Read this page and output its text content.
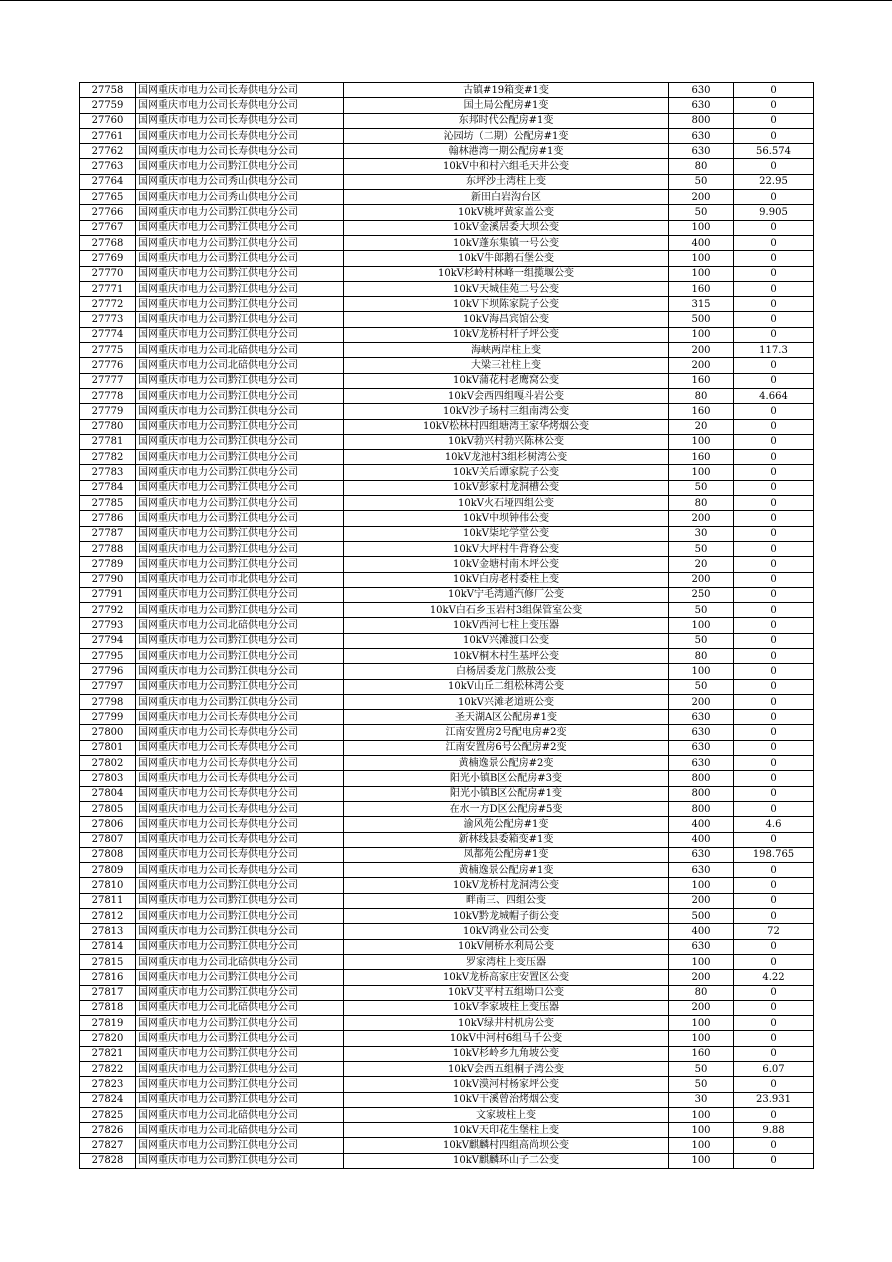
27758	国网重庆市电力公司长寿供电分公司	古镇#19箱变#1变	630	0
27759	国网重庆市电力公司长寿供电分公司	国土局公配房#1变	630	0
27760	国网重庆市电力公司长寿供电分公司	东邦时代公配房#1变	800	0
27761	国网重庆市电力公司长寿供电分公司	沁园坊（二期）公配房#1变	630	0
27762	国网重庆市电力公司长寿供电分公司	翰林港湾一期公配房#1变	630	56.574
27763	国网重庆市电力公司黔江供电分公司	10kV中和村六组毛天井公变	80	0
27764	国网重庆市电力公司秀山供电分公司	东坪沙土湾柱上变	50	22.95
27765	国网重庆市电力公司秀山供电分公司	新田白岩沟台区	200	0
27766	国网重庆市电力公司黔江供电分公司	10kV桃坪黄家盖公变	50	9.905
27767	国网重庆市电力公司黔江供电分公司	10kV金溪居委大坝公变	100	0
27768	国网重庆市电力公司黔江供电分公司	10kV蓬东集镇一号公变	400	0
27769	国网重庆市电力公司黔江供电分公司	10kV牛郎鹅石堡公变	100	0
27770	国网重庆市电力公司黔江供电分公司	10kV杉岭村林峰一组揽堰公变	100	0
27771	国网重庆市电力公司黔江供电分公司	10kV天城佳苑二号公变	160	0
27772	国网重庆市电力公司黔江供电分公司	10kV下坝陈家院子公变	315	0
27773	国网重庆市电力公司黔江供电分公司	10kV海昌宾馆公变	500	0
27774	国网重庆市电力公司黔江供电分公司	10kV龙桥村杆子坪公变	100	0
27775	国网重庆市电力公司北碚供电分公司	海峡两岸柱上变	200	117.3
27776	国网重庆市电力公司北碚供电分公司	大梁三社柱上变	200	0
27777	国网重庆市电力公司黔江供电分公司	10kV蒲花村老鹰窝公变	160	0
27778	国网重庆市电力公司黔江供电分公司	10kV会西四组嘎斗岩公变	80	4.664
27779	国网重庆市电力公司黔江供电分公司	10kV沙子场村三组南湾公变	160	0
27780	国网重庆市电力公司黔江供电分公司	10kV松林村四组塘湾王家华烤烟公变	20	0
27781	国网重庆市电力公司黔江供电分公司	10kV勃兴村勃兴陈林公变	100	0
27782	国网重庆市电力公司黔江供电分公司	10kV龙池村3组杉树湾公变	160	0
27783	国网重庆市电力公司黔江供电分公司	10kV关后谭家院子公变	100	0
27784	国网重庆市电力公司黔江供电分公司	10kV彭家村龙洞槽公变	50	0
27785	国网重庆市电力公司黔江供电分公司	10kV火石垭四组公变	80	0
27786	国网重庆市电力公司黔江供电分公司	10kV中坝钟伟公变	200	0
27787	国网重庆市电力公司黔江供电分公司	10kV柒坨学堂公变	30	0
27788	国网重庆市电力公司黔江供电分公司	10kV大坪村牛背脊公变	50	0
27789	国网重庆市电力公司黔江供电分公司	10kV金塘村南木坪公变	20	0
27790	国网重庆市电力公司市北供电分公司	10kV白房老村委柱上变	200	0
27791	国网重庆市电力公司黔江供电分公司	10kV宁毛湾通汽修厂公变	250	0
27792	国网重庆市电力公司黔江供电分公司	10kV白石乡玉岩村3组保管室公变	50	0
27793	国网重庆市电力公司北碚供电分公司	10kV西河七柱上变压器	100	0
27794	国网重庆市电力公司黔江供电分公司	10kV兴滩渡口公变	50	0
27795	国网重庆市电力公司黔江供电分公司	10kV桐木村生基坪公变	80	0
27796	国网重庆市电力公司黔江供电分公司	白杨居委龙门熬敖公变	100	0
27797	国网重庆市电力公司黔江供电分公司	10kV山丘二组松林湾公变	50	0
27798	国网重庆市电力公司黔江供电分公司	10kV兴滩老道班公变	200	0
27799	国网重庆市电力公司长寿供电分公司	圣天湖A区公配房#1变	630	0
27800	国网重庆市电力公司长寿供电分公司	江南安置房2号配电房#2变	630	0
27801	国网重庆市电力公司长寿供电分公司	江南安置房6号公配房#2变	630	0
27802	国网重庆市电力公司长寿供电分公司	黄楠逸景公配房#2变	630	0
27803	国网重庆市电力公司长寿供电分公司	阳光小镇B区公配房#3变	800	0
27804	国网重庆市电力公司长寿供电分公司	阳光小镇B区公配房#1变	800	0
27805	国网重庆市电力公司长寿供电分公司	在水一方D区公配房#5变	800	0
27806	国网重庆市电力公司长寿供电分公司	渝风苑公配房#1变	400	4.6
27807	国网重庆市电力公司长寿供电分公司	新林线县委箱变#1变	400	0
27808	国网重庆市电力公司长寿供电分公司	凤都苑公配房#1变	630	198.765
27809	国网重庆市电力公司长寿供电分公司	黄楠逸景公配房#1变	630	0
27810	国网重庆市电力公司黔江供电分公司	10kV龙桥村龙洞湾公变	100	0
27811	国网重庆市电力公司黔江供电分公司	畔南三、四组公变	200	0
27812	国网重庆市电力公司黔江供电分公司	10kV黔龙城帽子街公变	500	0
27813	国网重庆市电力公司黔江供电分公司	10kV鸿业公司公变	400	72
27814	国网重庆市电力公司黔江供电分公司	10kV闸桥水利局公变	630	0
27815	国网重庆市电力公司北碚供电分公司	罗家湾柱上变压器	100	0
27816	国网重庆市电力公司黔江供电分公司	10kV龙桥高家庄安置区公变	200	4.22
27817	国网重庆市电力公司黔江供电分公司	10kV艾平村五组坳口公变	80	0
27818	国网重庆市电力公司北碚供电分公司	10kV李家坡柱上变压器	200	0
27819	国网重庆市电力公司黔江供电分公司	10kV绿井村机房公变	100	0
27820	国网重庆市电力公司黔江供电分公司	10kV中河村6组马千公变	100	0
27821	国网重庆市电力公司黔江供电分公司	10kV杉岭乡九角坡公变	160	0
27822	国网重庆市电力公司黔江供电分公司	10kV会西五组桐子湾公变	50	6.07
27823	国网重庆市电力公司黔江供电分公司	10kV漠河村杨家坪公变	50	0
27824	国网重庆市电力公司黔江供电分公司	10kV干溪曾治烤烟公变	30	23.931
27825	国网重庆市电力公司北碚供电分公司	文家坡柱上变	100	0
27826	国网重庆市电力公司北碚供电分公司	10kV天印花生堡柱上变	100	9.88
27827	国网重庆市电力公司黔江供电分公司	10kV麒麟村四组高尚坝公变	100	0
27828	国网重庆市电力公司黔江供电分公司	10kV麒麟环山子二公变	100	0
